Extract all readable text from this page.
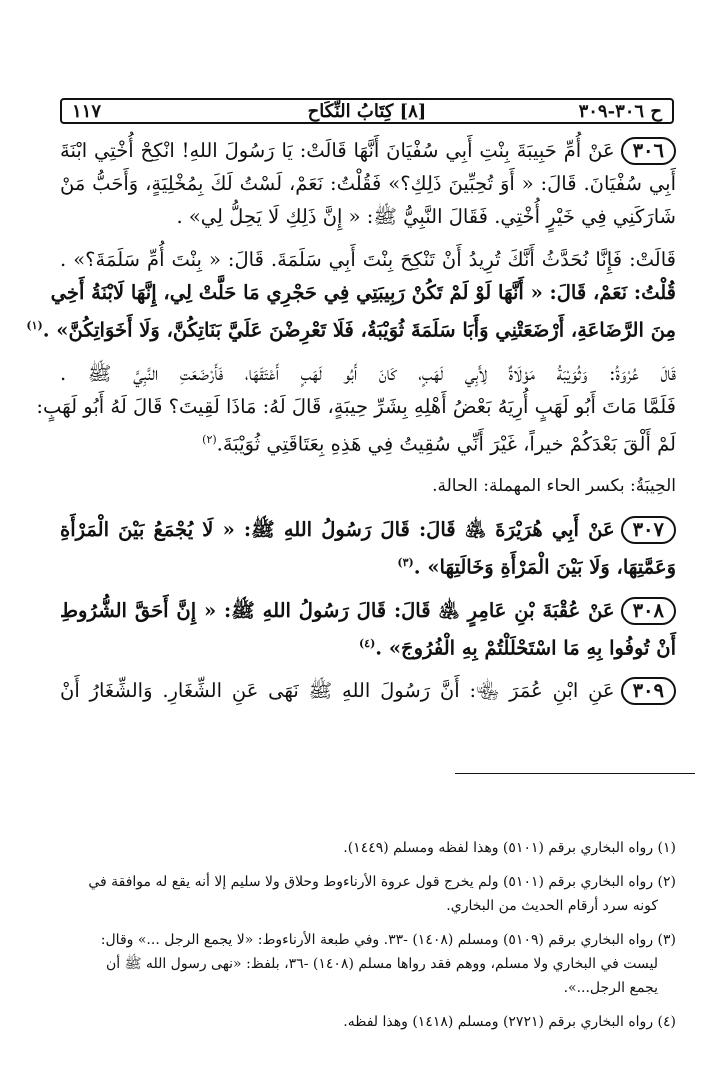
١١٧	[٨] كِتَابُ النِّكَاح	ح ٣٠٦-٣٠٩

٣٠٦عَنْ أُمِّ حَبِيبَةَ بِنْتِ أَبِي سُفْيَانَ أَنَّهَا قَالَتْ: يَا رَسُولَ اللهِ! انْكِحْ أُخْتِي ابْنَةَ

أَبِي سُفْيَانَ. قَالَ: « أَوَ تُحِبِّينَ ذَلِكِ؟» فَقُلْتُ: نَعَمْ، لَسْتُ لَكَ بِمُخْلِيَةٍ، وَأَحَبُّ مَنْ

شَارَكَنِي فِي خَيْرٍ أُخْتِي. فَقَالَ النَّبِيُّ ﷺ: « إِنَّ ذَلِكِ لَا يَحِلُّ لِي» .

قَالَتْ: فَإِنَّا نُحَدَّثُ أَنَّكَ تُرِيدُ أَنْ تَنْكِحَ بِنْتَ أَبِي سَلَمَةَ. قَالَ: « بِنْتَ أُمِّ سَلَمَةَ؟» .

قُلْتُ: نَعَمْ، قَالَ: « أَنَّهَا لَوْ لَمْ تَكُنْ رَبِيبَتِي فِي حَجْرِي مَا حَلَّتْ لِي، إِنَّهَا لَابْنَةُ أَخِي

مِنَ الرَّضَاعَةِ، أَرْضَعَتْنِي وَأَبَا سَلَمَةَ ثُوَيْبَةُ، فَلَا تَعْرِضْنَ عَلَيَّ بَنَاتِكُنَّ، وَلَا أَخَوَاتِكُنَّ» .$^{(١)}$

قَالَ عُرْوَةُ: وَثُوَيْبَةُ مَوْلَاةٌ لِأَبِي لَهَبٍ، كَانَ أَبُو لَهَبٍ أَعْتَقَهَا، فَأَرْضَعَتِ النَّبِيَّ ﷺ .

فَلَمَّا مَاتَ أَبُو لَهَبٍ أُرِيَهُ بَعْضُ أَهْلِهِ بِشَرِّ حِيبَةٍ، قَالَ لَهُ: مَاذَا لَقِيتَ؟ قَالَ لَهُ أَبُو لَهَبٍ:

لَمْ أَلْقَ بَعْدَكُمْ خيراً، غَيْرَ أَنِّي سُقِيتُ فِي هَذِهِ بِعَتَاقَتِي ثُوَيْبَةَ.$^{(٢)}$

الحِيبَةُ: بكسر الحاء المهملة: الحالة.

٣٠٧عَنْ أَبِي هُرَيْرَةَ ﵁ قَالَ: قَالَ رَسُولُ اللهِ ﷺ: « لَا يُجْمَعُ بَيْنَ الْمَرْأَةِ

وَعَمَّتِهَا، وَلَا بَيْنَ الْمَرْأَةِ وَخَالَتِهَا» .$^{(٣)}$

٣٠٨عَنْ عُقْبَةَ بْنِ عَامِرٍ ﵁ قَالَ: قَالَ رَسُولُ اللهِ ﷺ: « إِنَّ أَحَقَّ الشُّرُوطِ

أَنْ تُوفُوا بِهِ مَا اسْتَحْلَلْتُمْ بِهِ الْفُرُوجَ» .$^{(٤)}$

٣٠٩عَنِ ابْنِ عُمَرَ ﵄: أَنَّ رَسُولَ اللهِ ﷺ نَهَى عَنِ الشِّغَارِ. وَالشِّغَارُ أَنْ

(١) رواه البخاري برقم (٥١٠١) وهذا لفظه ومسلم (١٤٤٩).

(٢) رواه البخاري برقم (٥١٠١) ولم يخرج قول عروة الأرناءوط وحلاق ولا سليم إلا أنه يقع له موافقة في

كونه سرد أرقام الحديث من البخاري.

(٣) رواه البخاري برقم (٥١٠٩) ومسلم (١٤٠٨) -٣٣. وفي طبعة الأرناءوط: «لا يجمع الرجل ...» وقال:

ليست في البخاري ولا مسلم، ووهم فقد رواها مسلم (١٤٠٨) -٣٦، بلفظ: «نهى رسول الله ﷺ أن

يجمع الرجل...».

(٤) رواه البخاري برقم (٢٧٢١) ومسلم (١٤١٨) وهذا لفظه.
